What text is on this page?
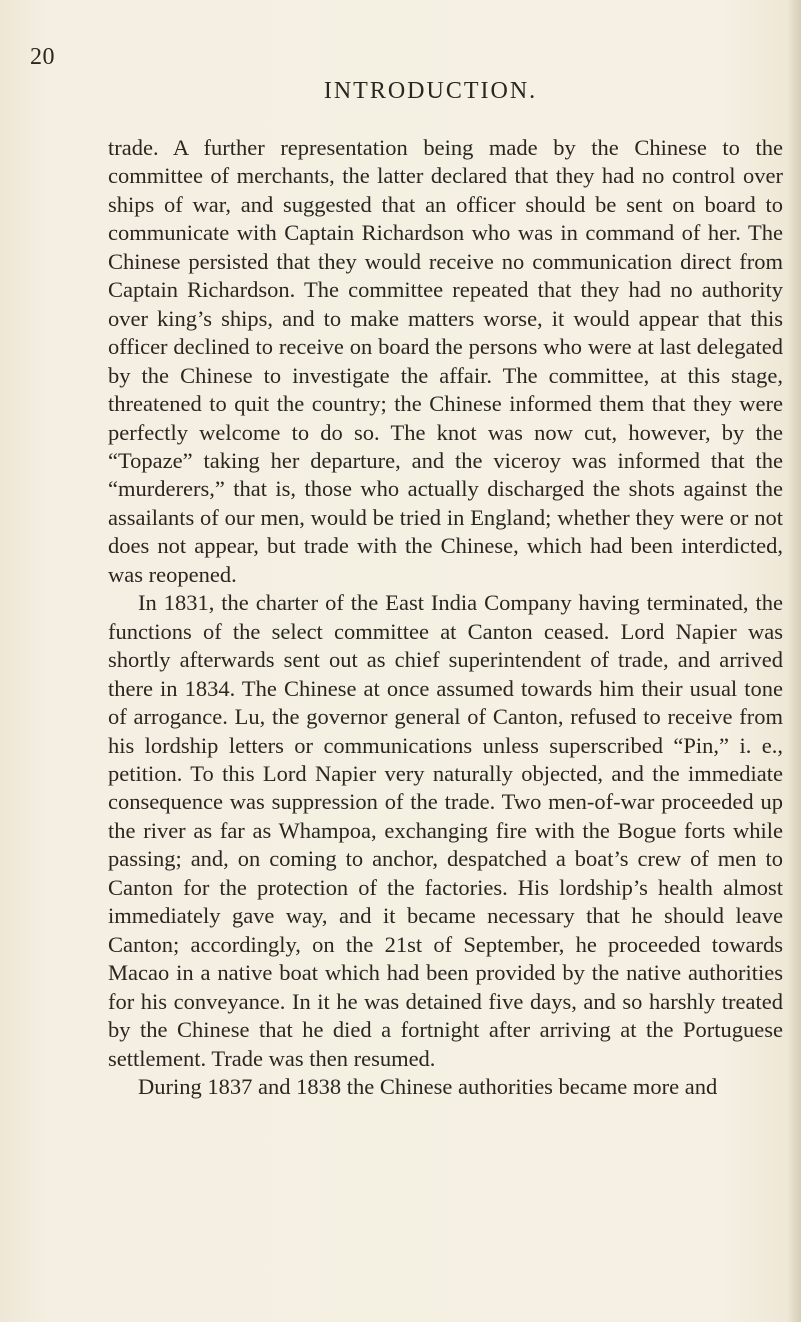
20
INTRODUCTION.

trade. A further representation being made by the Chinese to the committee of merchants, the latter declared that they had no control over ships of war, and suggested that an officer should be sent on board to communicate with Captain Richardson who was in command of her. The Chinese persisted that they would receive no communication direct from Captain Richardson. The committee repeated that they had no authority over king’s ships, and to make matters worse, it would appear that this officer declined to receive on board the persons who were at last delegated by the Chinese to investigate the affair. The committee, at this stage, threatened to quit the country; the Chinese informed them that they were perfectly welcome to do so. The knot was now cut, however, by the “Topaze” taking her departure, and the viceroy was informed that the “murderers,” that is, those who actually discharged the shots against the assailants of our men, would be tried in England; whether they were or not does not appear, but trade with the Chinese, which had been interdicted, was reopened.

In 1831, the charter of the East India Company having terminated, the functions of the select committee at Canton ceased. Lord Napier was shortly afterwards sent out as chief superintendent of trade, and arrived there in 1834. The Chinese at once assumed towards him their usual tone of arrogance. Lu, the governor general of Canton, refused to receive from his lordship letters or communications unless superscribed “Pin,” i. e., petition. To this Lord Napier very naturally objected, and the immediate consequence was suppression of the trade. Two men-of-war proceeded up the river as far as Whampoa, exchanging fire with the Bogue forts while passing; and, on coming to anchor, despatched a boat’s crew of men to Canton for the protection of the factories. His lordship’s health almost immediately gave way, and it became necessary that he should leave Canton; accordingly, on the 21st of September, he proceeded towards Macao in a native boat which had been provided by the native authorities for his conveyance. In it he was detained five days, and so harshly treated by the Chinese that he died a fortnight after arriving at the Portuguese settlement. Trade was then resumed.

During 1837 and 1838 the Chinese authorities became more and
